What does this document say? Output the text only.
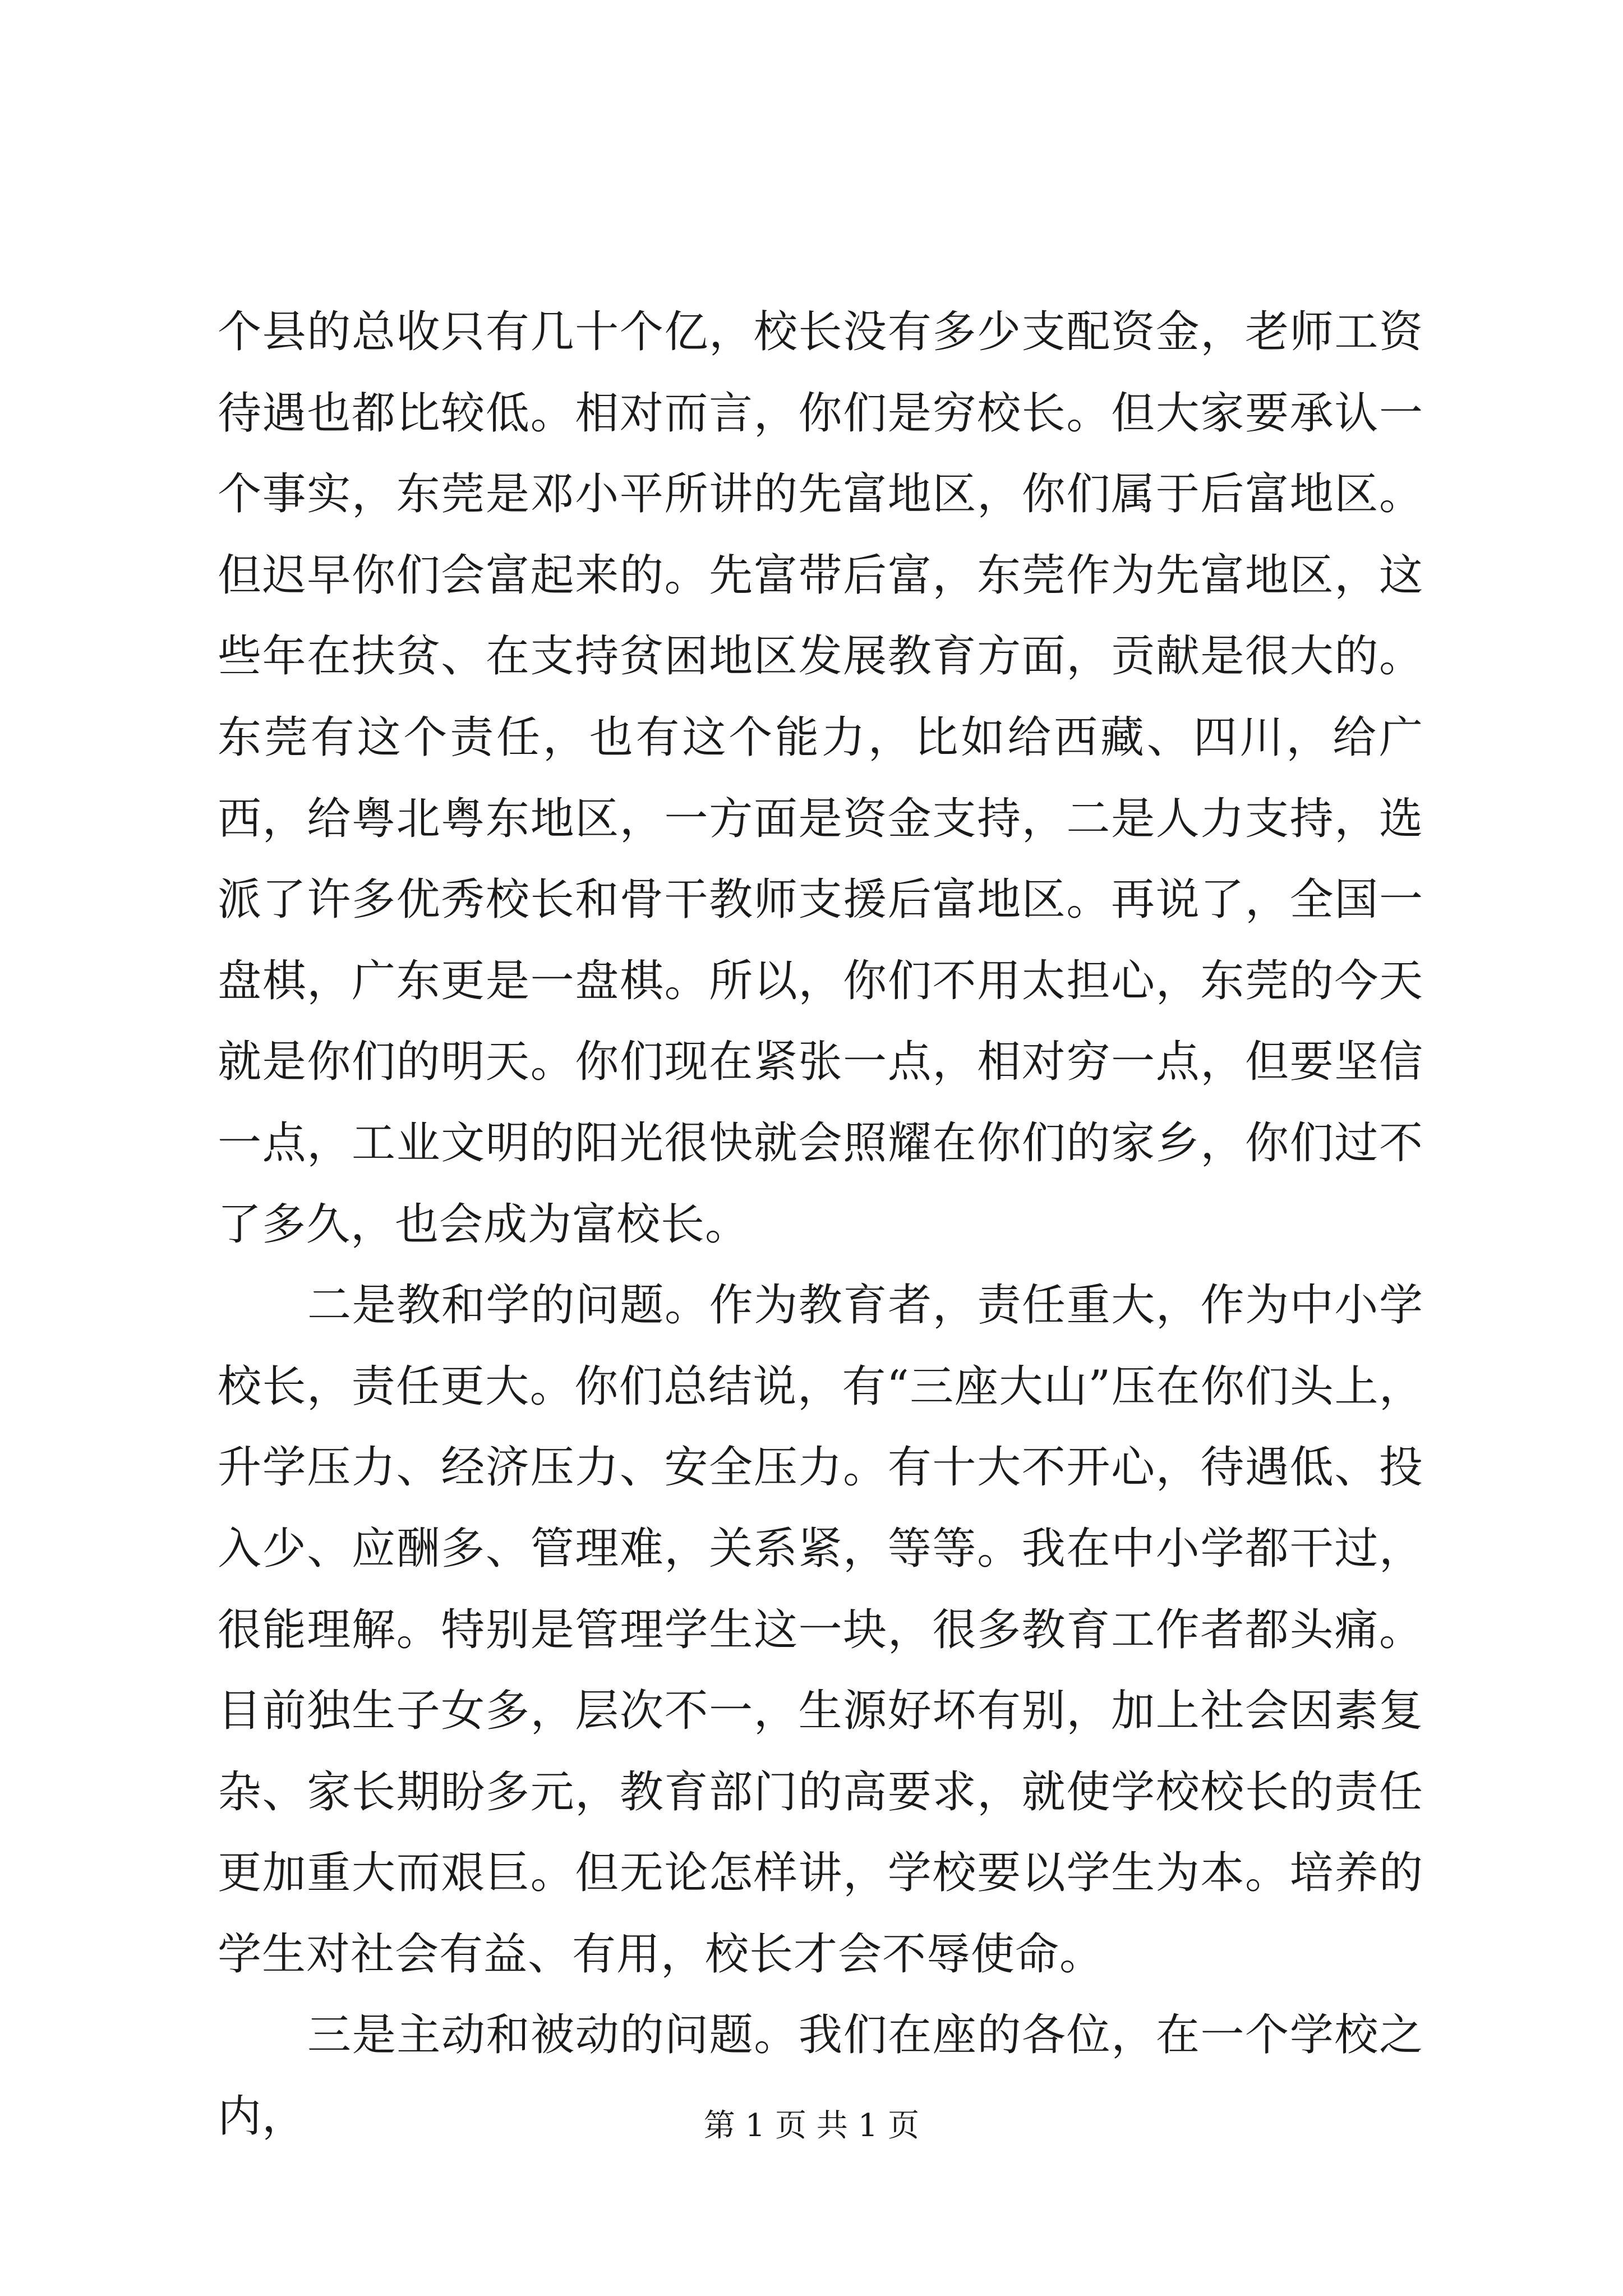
个县的总收只有几十个亿，校长没有多少支配资金，老师工资待遇也都比较低。相对而言，你们是穷校长。但大家要承认一个事实，东莞是邓小平所讲的先富地区，你们属于后富地区。但迟早你们会富起来的。先富带后富，东莞作为先富地区，这些年在扶贫、在支持贫困地区发展教育方面，贡献是很大的。东莞有这个责任，也有这个能力，比如给西藏、四川，给广西，给粤北粤东地区，一方面是资金支持，二是人力支持，选派了许多优秀校长和骨干教师支援后富地区。再说了，全国一盘棋，广东更是一盘棋。所以，你们不用太担心，东莞的今天就是你们的明天。你们现在紧张一点，相对穷一点，但要坚信一点，工业文明的阳光很快就会照耀在你们的家乡，你们过不了多久，也会成为富校长。

二是教和学的问题。作为教育者，责任重大，作为中小学校长，责任更大。你们总结说，有“三座大山”压在你们头上，升学压力、经济压力、安全压力。有十大不开心，待遇低、投入少、应酬多、管理难，关系紧，等等。我在中小学都干过，很能理解。特别是管理学生这一块，很多教育工作者都头痛。目前独生子女多，层次不一，生源好坏有别，加上社会因素复杂、家长期盼多元，教育部门的高要求，就使学校校长的责任更加重大而艰巨。但无论怎样讲，学校要以学生为本。培养的学生对社会有益、有用，校长才会不辱使命。

三是主动和被动的问题。我们在座的各位，在一个学校之内，	第 1 页 共 1 页
